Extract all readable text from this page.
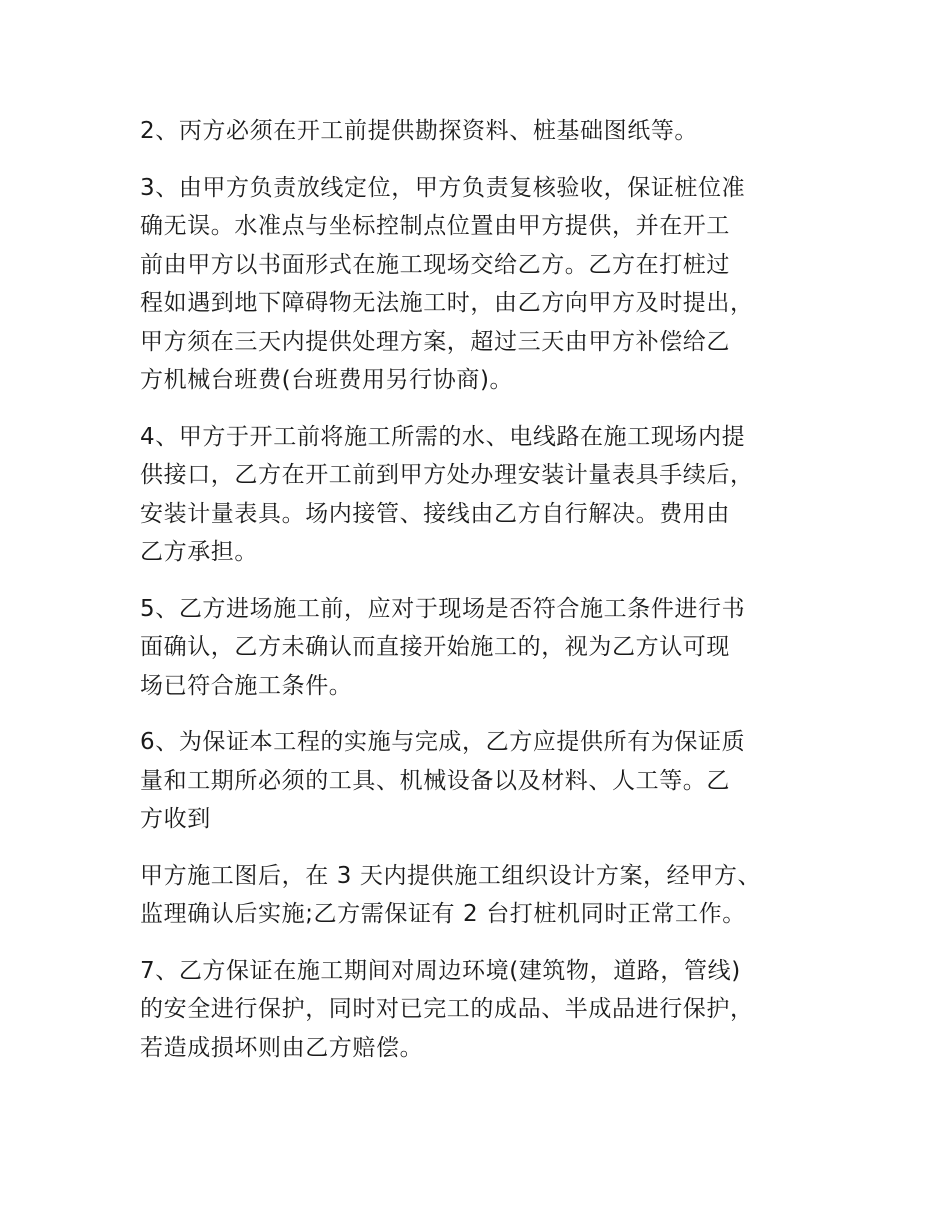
2、丙方必须在开工前提供勘探资料、桩基础图纸等。

3、由甲方负责放线定位，甲方负责复核验收，保证桩位准
确无误。水准点与坐标控制点位置由甲方提供，并在开工
前由甲方以书面形式在施工现场交给乙方。乙方在打桩过
程如遇到地下障碍物无法施工时，由乙方向甲方及时提出，
甲方须在三天内提供处理方案，超过三天由甲方补偿给乙
方机械台班费(台班费用另行协商)。

4、甲方于开工前将施工所需的水、电线路在施工现场内提
供接口，乙方在开工前到甲方处办理安装计量表具手续后，
安装计量表具。场内接管、接线由乙方自行解决。费用由
乙方承担。

5、乙方进场施工前，应对于现场是否符合施工条件进行书
面确认，乙方未确认而直接开始施工的，视为乙方认可现
场已符合施工条件。

6、为保证本工程的实施与完成，乙方应提供所有为保证质
量和工期所必须的工具、机械设备以及材料、人工等。乙
方收到

甲方施工图后，在 3 天内提供施工组织设计方案，经甲方、
监理确认后实施;乙方需保证有 2 台打桩机同时正常工作。

7、乙方保证在施工期间对周边环境(建筑物，道路，管线)
的安全进行保护，同时对已完工的成品、半成品进行保护，
若造成损坏则由乙方赔偿。
